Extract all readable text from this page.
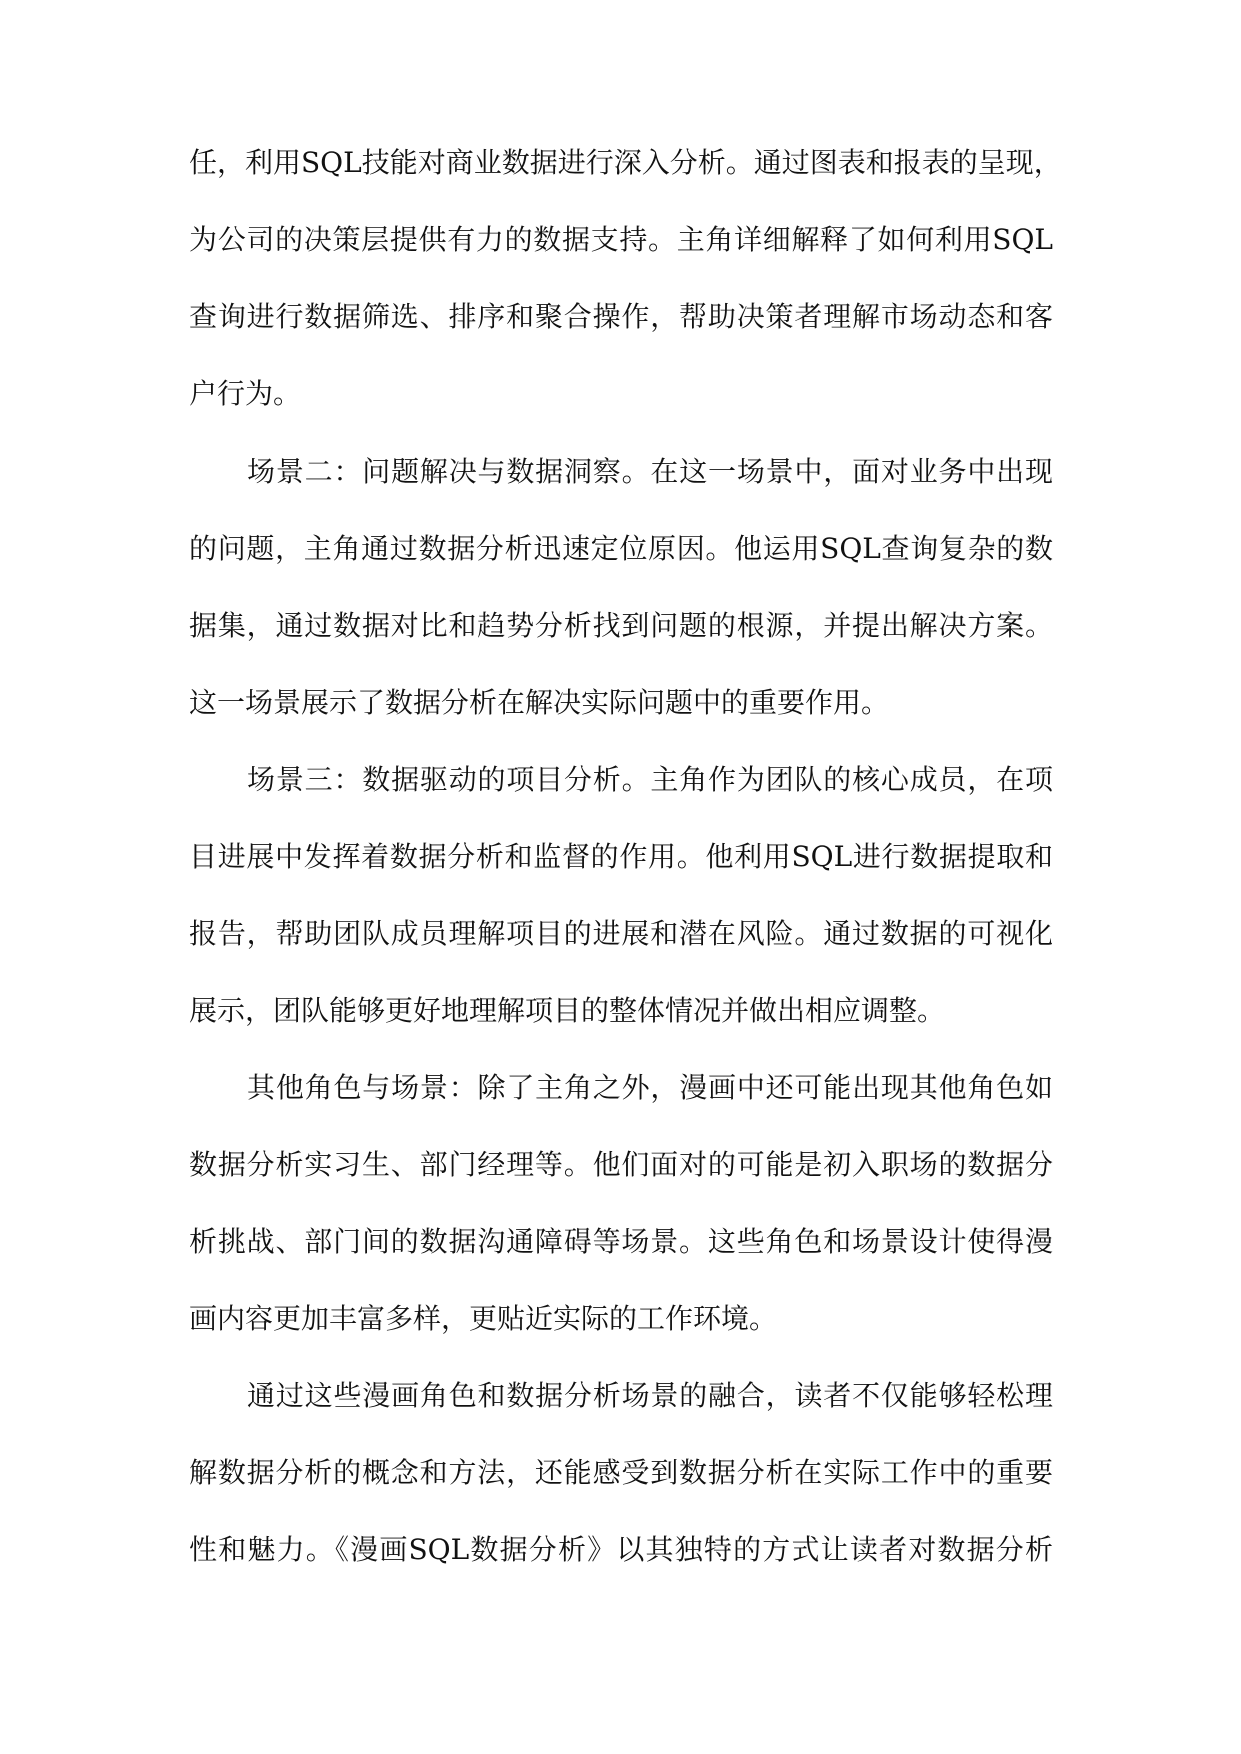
任，利用SQL技能对商业数据进行深入分析。通过图表和报表的呈现，
为公司的决策层提供有力的数据支持。主角详细解释了如何利用SQL
查询进行数据筛选、排序和聚合操作，帮助决策者理解市场动态和客
户行为。
场景二：问题解决与数据洞察。在这一场景中，面对业务中出现
的问题，主角通过数据分析迅速定位原因。他运用SQL查询复杂的数
据集，通过数据对比和趋势分析找到问题的根源，并提出解决方案。
这一场景展示了数据分析在解决实际问题中的重要作用。
场景三：数据驱动的项目分析。主角作为团队的核心成员，在项
目进展中发挥着数据分析和监督的作用。他利用SQL进行数据提取和
报告，帮助团队成员理解项目的进展和潜在风险。通过数据的可视化
展示，团队能够更好地理解项目的整体情况并做出相应调整。
其他角色与场景：除了主角之外，漫画中还可能出现其他角色如
数据分析实习生、部门经理等。他们面对的可能是初入职场的数据分
析挑战、部门间的数据沟通障碍等场景。这些角色和场景设计使得漫
画内容更加丰富多样，更贴近实际的工作环境。
通过这些漫画角色和数据分析场景的融合，读者不仅能够轻松理
解数据分析的概念和方法，还能感受到数据分析在实际工作中的重要
性和魅力。《漫画SQL数据分析》以其独特的方式让读者对数据分析
